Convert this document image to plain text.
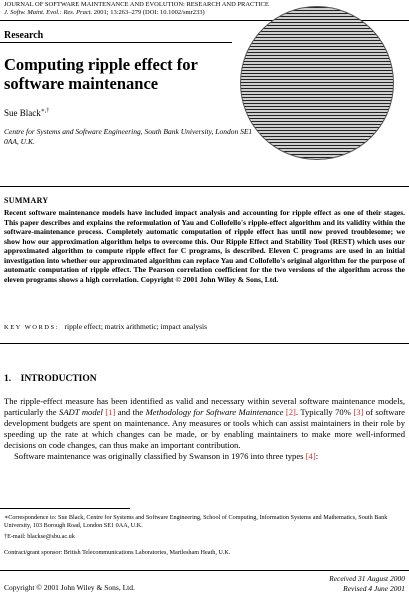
JOURNAL OF SOFTWARE MAINTENANCE AND EVOLUTION: RESEARCH AND PRACTICE
J. Softw. Maint. Evol.: Res. Pract. 2001; 13:263–279 (DOI: 10.1002/smr233)
Research
Computing ripple effect for software maintenance
Sue Black∗,†
Centre for Systems and Software Engineering, South Bank University, London SE1 0AA, U.K.
SUMMARY
Recent software maintenance models have included impact analysis and accounting for ripple effect as one of their stages. This paper describes and explains the reformulation of Yau and Collofello's ripple-effect algorithm and its validity within the software-maintenance process. Completely automatic computation of ripple effect has until now proved troublesome; we show how our approximation algorithm helps to overcome this. Our Ripple Effect and Stability Tool (REST) which uses our approximated algorithm to compute ripple effect for C programs, is described. Eleven C programs are used in an initial investigation into whether our approximated algorithm can replace Yau and Collofello's original algorithm for the purpose of automatic computation of ripple effect. The Pearson correlation coefficient for the two versions of the algorithm across the eleven programs shows a high correlation. Copyright © 2001 John Wiley & Sons, Ltd.
KEY WORDS: ripple effect; matrix arithmetic; impact analysis
1.    INTRODUCTION

The ripple-effect measure has been identified as valid and necessary within several software maintenance models, particularly the SADT model [1] and the Methodology for Software Maintenance [2]. Typically 70% [3] of software development budgets are spent on maintenance. Any measures or tools which can assist maintainers in their role by speeding up the rate at which changes can be made, or by enabling maintainers to make more well-informed decisions on code changes, can thus make an important contribution.

Software maintenance was originally classified by Swanson in 1976 into three types [4]:

∗Correspondence to: Sue Black, Centre for Systems and Software Engineering, School of Computing, Information Systems and Mathematics, South Bank University, 103 Borough Road, London SE1 0AA, U.K.
†E-mail: blackse@sbu.ac.uk
Contract/grant sponsor: British Telecommunications Laboratories, Martlesham Heath, U.K.
Copyright © 2001 John Wiley & Sons, Ltd.
Received 31 August 2000
Revised 4 June 2001
